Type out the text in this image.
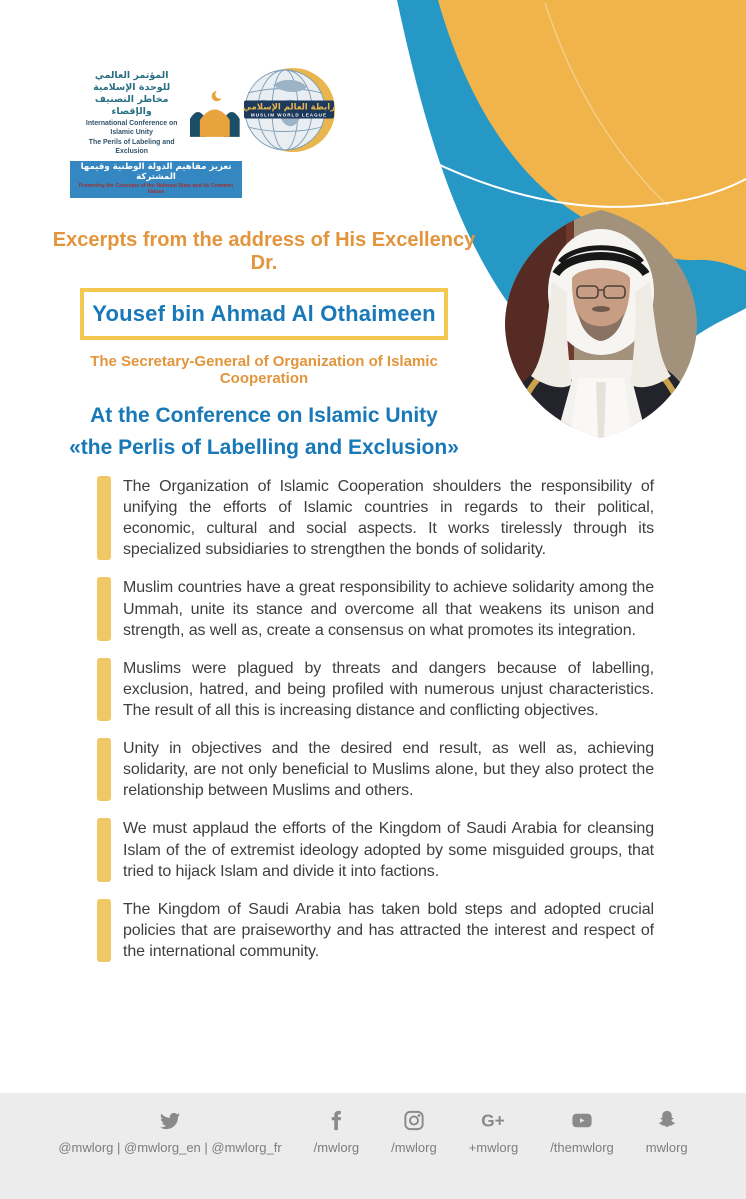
المؤتمر العالمي للوحدة الإسلامية
مخاطر التصنيف والإقصاء
International Conference on Islamic Unity
The Perils of Labeling and Exclusion
تعزيز مفاهيم الدولة الوطنية وقيمها المشتركة
Promoting the Concepts of the National State and its Common Values
رابطة العالم الإسلامي
MUSLIM WORLD LEAGUE
Excerpts from the address of His Excellency Dr.
Yousef bin Ahmad Al Othaimeen
The Secretary-General of Organization of Islamic Cooperation
At the Conference on Islamic Unity
«the Perlis of Labelling and Exclusion»
The Organization of Islamic Cooperation shoulders the responsibility of unifying the efforts of Islamic countries in regards to their political, economic, cultural and social aspects. It works tirelessly through its specialized subsidiaries to strengthen the bonds of solidarity.
Muslim countries have a great responsibility to achieve solidarity among the Ummah, unite its stance and overcome all that weakens its unison and strength, as well as, create a consensus on what promotes its integration.
Muslims were plagued by threats and dangers because of labelling, exclusion, hatred, and being profiled with numerous unjust characteristics. The result of all this is increasing distance and conflicting objectives.
Unity in objectives and the desired end result, as well as, achieving solidarity, are not only beneficial to Muslims alone, but they also protect the relationship between Muslims and others.
We must applaud the efforts of the Kingdom of Saudi Arabia for cleansing Islam of the of extremist ideology adopted by some misguided groups, that tried to hijack Islam and divide it into factions.
The Kingdom of Saudi Arabia has taken bold steps and adopted crucial policies that are praiseworthy and has attracted the interest and respect of the international community.
@mwlorg | @mwlorg_en | @mwlorg_fr /mwlorg /mwlorg
G+
+mwlorg /themwlorg mwlorg
